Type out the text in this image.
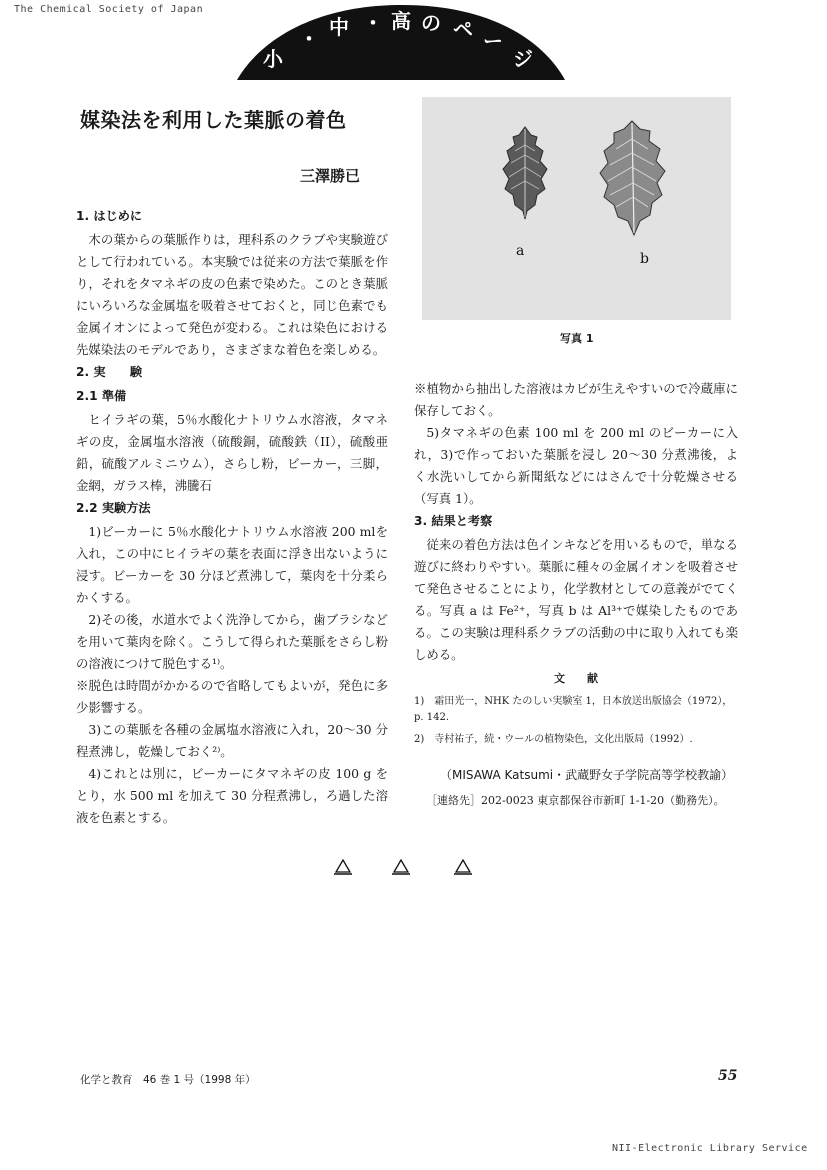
The Chemical Society of Japan
小
・ 中 ・ 高 の ペ ー
ジ
媒染法を利用した葉脈の着色
三澤勝已
1. はじめに
木の葉からの葉脈作りは，理科系のクラブや実験遊びとして行われている。本実験では従来の方法で葉脈を作り，それをタマネギの皮の色素で染めた。このとき葉脈にいろいろな金属塩を吸着させておくと，同じ色素でも金属イオンによって発色が変わる。これは染色における先媒染法のモデルであり，さまざまな着色を楽しめる。
2. 実　　験
2.1 準備
ヒイラギの葉，5％水酸化ナトリウム水溶液，タマネギの皮，金属塩水溶液（硫酸銅，硫酸鉄（II），硫酸亜鉛，硫酸アルミニウム），さらし粉，ビーカー，三脚，金網，ガラス棒，沸騰石
2.2 実験方法
1)ビーカーに 5％水酸化ナトリウム水溶液 200 mlを入れ，この中にヒイラギの葉を表面に浮き出ないように浸す。ビーカーを 30 分ほど煮沸して，葉肉を十分柔らかくする。
2)その後，水道水でよく洗浄してから，歯ブラシなどを用いて葉肉を除く。こうして得られた葉脈をさらし粉の溶液につけて脱色する¹⁾。
※脱色は時間がかかるので省略してもよいが，発色に多少影響する。
3)この葉脈を各種の金属塩水溶液に入れ，20〜30 分程煮沸し，乾燥しておく²⁾。
4)これとは別に，ビーカーにタマネギの皮 100 g をとり，水 500 ml を加えて 30 分程煮沸し，ろ過した溶液を色素とする。
a	b
写真 1
※植物から抽出した溶液はカビが生えやすいので冷蔵庫に保存しておく。
5)タマネギの色素 100 ml を 200 ml のビーカーに入れ，3)で作っておいた葉脈を浸し 20〜30 分煮沸後，よく水洗いしてから新聞紙などにはさんで十分乾燥させる（写真 1）。
3. 結果と考察
従来の着色方法は色インキなどを用いるもので，単なる遊びに終わりやすい。葉脈に種々の金属イオンを吸着させて発色させることにより，化学教材としての意義がでてくる。写真 a は Fe²⁺，写真 b は Al³⁺で媒染したものである。この実験は理科系クラブの活動の中に取り入れても楽しめる。
文　　献
1)　霜田光一，NHK たのしい実験室 1，日本放送出版協会（1972），p. 142.
2)　寺村祐子，続・ウールの植物染色，文化出版局（1992）.
（MISAWA Katsumi・武蔵野女子学院高等学校教諭）
［連絡先］202-0023 東京都保谷市新町 1-1-20（勤務先）。
化学と教育　46 巻 1 号（1998 年）	55
NII-Electronic Library Service
